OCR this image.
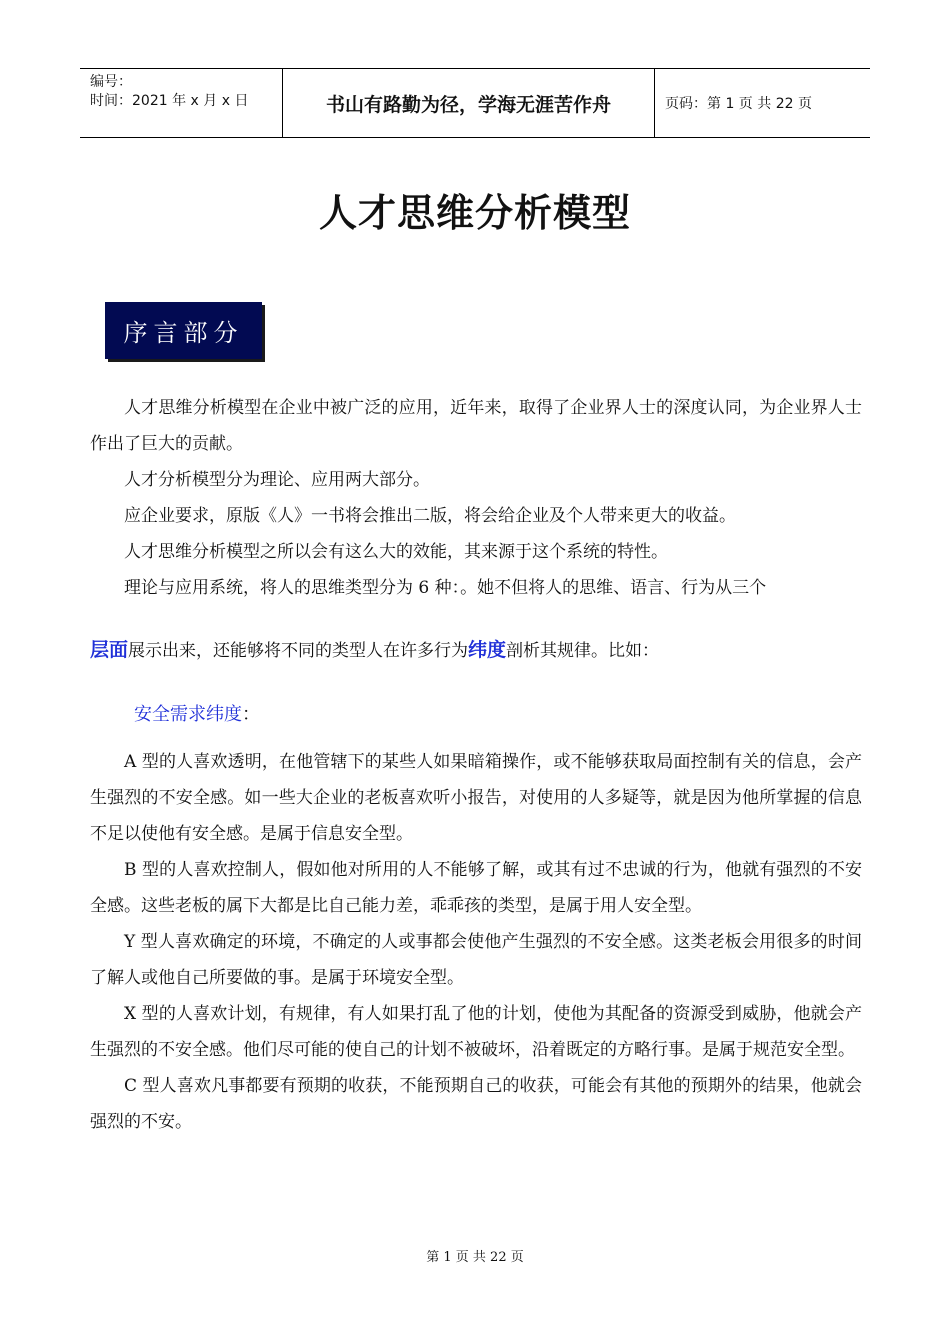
编号：
时间：2021 年 x 月 x 日	书山有路勤为径，学海无涯苦作舟	页码：第 1 页 共 22 页
人才思维分析模型
序言部分

人才思维分析模型在企业中被广泛的应用，近年来，取得了企业界人士的深度认同，为企业界人士作出了巨大的贡献。

人才分析模型分为理论、应用两大部分。

应企业要求，原版《人》一书将会推出二版，将会给企业及个人带来更大的收益。

人才思维分析模型之所以会有这么大的效能，其来源于这个系统的特性。

理论与应用系统，将人的思维类型分为 6 种：。她不但将人的思维、语言、行为从三个

层面展示出来，还能够将不同的类型人在许多行为纬度剖析其规律。比如：
安全需求纬度：

A 型的人喜欢透明，在他管辖下的某些人如果暗箱操作，或不能够获取局面控制有关的信息，会产生强烈的不安全感。如一些大企业的老板喜欢听小报告，对使用的人多疑等，就是因为他所掌握的信息不足以使他有安全感。是属于信息安全型。

B 型的人喜欢控制人，假如他对所用的人不能够了解，或其有过不忠诚的行为，他就有强烈的不安全感。这些老板的属下大都是比自己能力差，乖乖孩的类型，是属于用人安全型。

Y 型人喜欢确定的环境，不确定的人或事都会使他产生强烈的不安全感。这类老板会用很多的时间了解人或他自己所要做的事。是属于环境安全型。

X 型的人喜欢计划，有规律，有人如果打乱了他的计划，使他为其配备的资源受到威胁，他就会产生强烈的不安全感。他们尽可能的使自己的计划不被破坏，沿着既定的方略行事。是属于规范安全型。

C 型人喜欢凡事都要有预期的收获，不能预期自己的收获，可能会有其他的预期外的结果，他就会强烈的不安。

第 1 页 共 22 页
